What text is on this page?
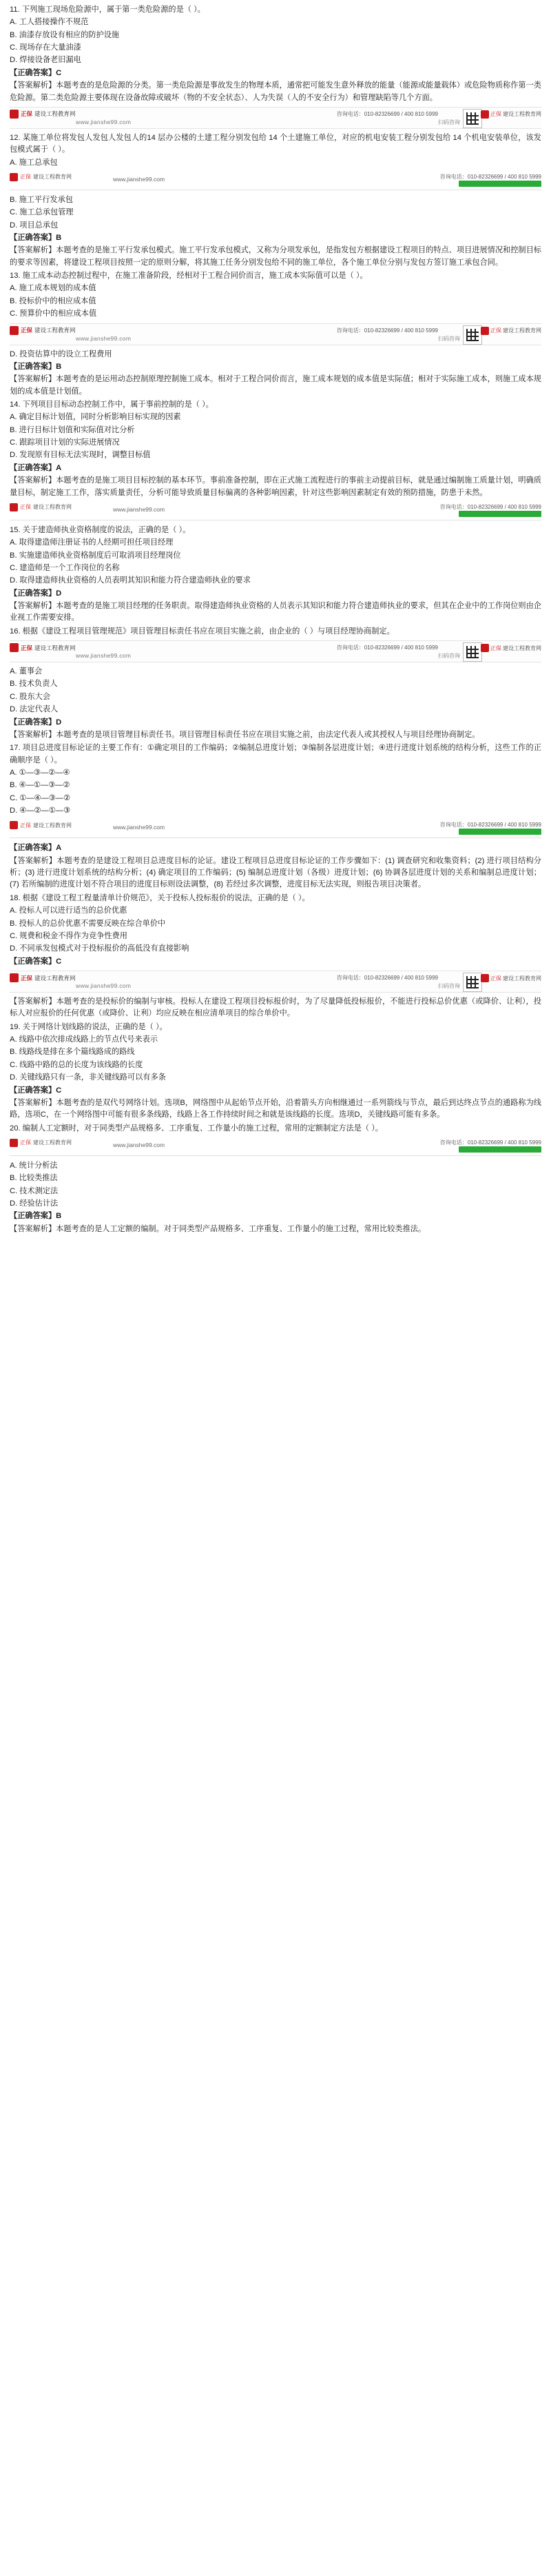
11. 下列施工现场危险源中，属于第一类危险源的是（ ）。

A. 工人搭接操作不规范

B. 油漆存放设有相应的防护设施

C. 现场存在大量油漆

D. 焊接设备老旧漏电

【正确答案】C

【答案解析】本题考查的是危险源的分类。第一类危险源是事故发生的物理本质，通常把可能发生意外释放的能量（能源或能量载体）或危险物质称作第一类危险源。第二类危险源主要体现在设备故障或破坏（物的不安全状态）、人为失误（人的不安全行为）和管理缺陷等几个方面。

正保 建设工程教育网
www.jianshe99.com
咨询电话：010-82326699 / 400 810 5999
扫码咨询
正保 建设工程教育网

12. 某施工单位将发包人发包人发包人的14 层办公楼的土建工程分别发包给 14 个土建施工单位，对应的机电安装工程分别发包给 14 个机电安装单位，该发包模式属于（ ）。

A. 施工总承包

正保 建设工程教育网	www.jianshe99.com	咨询电话：010-82326699 / 400 810 5999

B. 施工平行发承包

C. 施工总承包管理

D. 项目总承包

【正确答案】B

【答案解析】本题考查的是施工平行发承包模式。施工平行发承包模式，又称为分项发承包，是指发包方根据建设工程项目的特点、项目进展情况和控制目标的要求等因素，将建设工程项目按照一定的原则分解，将其施工任务分别发包给不同的施工单位，各个施工单位分别与发包方签订施工承包合同。

13. 施工成本动态控制过程中，在施工准备阶段，经相对于工程合同价而言，施工成本实际值可以是（ ）。

A. 施工成本规划的成本值

B. 投标价中的相应成本值

C. 预算价中的相应成本值

正保 建设工程教育网
www.jianshe99.com
咨询电话：010-82326699 / 400 810 5999
扫码咨询
正保 建设工程教育网

D. 投资估算中的设立工程费用

【正确答案】B

【答案解析】本题考查的是运用动态控制原理控制施工成本。相对于工程合同价而言，施工成本规划的成本值是实际值；相对于实际施工成本，则施工成本规划的成本值是计划值。

14. 下列项目目标动态控制工作中，属于事前控制的是（ ）。

A. 确定目标计划值，同时分析影响目标实现的因素

B. 进行目标计划值和实际值对比分析

C. 跟踪项目计划的实际进展情况

D. 发现原有目标无法实现时，调整目标值

【正确答案】A

【答案解析】本题考查的是施工项目目标控制的基本环节。事前准备控制，即在正式施工流程进行的事前主动提前目标，就是通过编制施工质量计划，明确质量目标，制定施工工作，落实质量责任，分析可能导致质量目标偏离的各种影响因素，针对这些影响因素制定有效的预防措施，防患于未然。

正保 建设工程教育网	www.jianshe99.com	咨询电话：010-82326699 / 400 810 5999

15. 关于建造师执业资格制度的说法，正确的是（ ）。

A. 取得建造师注册证书的人经期可担任项目经理

B. 实施建造师执业资格制度后可取消项目经理岗位

C. 建造师是一个工作岗位的名称

D. 取得建造师执业资格的人员表明其知识和能力符合建造师执业的要求

【正确答案】D

【答案解析】本题考查的是施工项目经理的任务职责。取得建造师执业资格的人员表示其知识和能力符合建造师执业的要求，但其在企业中的工作岗位则由企业视工作需要安排。

16. 根据《建设工程项目管理规范》项目管理目标责任书应在项目实施之前，由企业的（ ）与项目经理协商制定。

正保 建设工程教育网
www.jianshe99.com
咨询电话：010-82326699 / 400 810 5999
扫码咨询
正保 建设工程教育网

A. 董事会

B. 技术负责人

C. 股东大会

D. 法定代表人

【正确答案】D

【答案解析】本题考查的是项目管理目标责任书。项目管理目标责任书应在项目实施之前，由法定代表人或其授权人与项目经理协商制定。

17. 项目总进度目标论证的主要工作有：①确定项目的工作编码；②编制总进度计划；③编制各层进度计划；④进行进度计划系统的结构分析，这些工作的正确顺序是（ ）。

A. ①—③—②—④

B. ④—①—③—②

C. ①—④—③—②

D. ④—②—①—③

正保 建设工程教育网	www.jianshe99.com	咨询电话：010-82326699 / 400 810 5999

【正确答案】A

【答案解析】本题考查的是建设工程项目总进度目标的论证。建设工程项目总进度目标论证的工作步骤如下：(1) 调查研究和收集资料；(2) 进行项目结构分析；(3) 进行进度计划系统的结构分析；(4) 确定项目的工作编码；(5) 编制总进度计划（各级）进度计划；(6) 协调各层进度计划的关系和编制总进度计划；(7) 若所编制的进度计划不符合项目的进度目标则设法调整，(8) 若经过多次调整，进度目标无法实现，则报告项目决策者。

18. 根据《建设工程工程量清单计价规范》，关于投标人投标报价的说法，正确的是（ ）。

A. 投标人可以进行适当的总价优惠

B. 投标人的总价优惠不需要反映在综合单价中

C. 规费和税金不得作为竞争性费用

D. 不同承发包模式对于投标报价的高低没有直接影响

【正确答案】C

正保 建设工程教育网
www.jianshe99.com
咨询电话：010-82326699 / 400 810 5999
扫码咨询
正保 建设工程教育网

【答案解析】本题考查的是投标价的编制与审核。投标人在建设工程项目投标报价时，为了尽量降低投标报价，不能进行投标总价优惠（或降价、让利），投标人对应报价的任何优惠（或降价、让利）均应反映在相应清单项目的综合单价中。

19. 关于网络计划线路的说法，正确的是（ ）。

A. 线路中依次排成线路上的节点代号来表示

B. 线路线是排在多个篇线路成的路线

C. 线路中路的总的长度为该线路的长度

D. 关键线路只有一条，非关键线路可以有多条

【正确答案】C

【答案解析】本题考查的是双代号网络计划。选项B，网络图中从起始节点开始，沿着箭头方向相继通过一系列箭线与节点，最后到达终点节点的通路称为线路，选项C，在一个网络图中可能有很多条线路，线路上各工作持续时间之和就是该线路的长度。选项D，关键线路可能有多条。

20. 编制人工定额时，对于同类型产品规格多、工序重复、工作量小的施工过程，常用的定额制定方法是（ ）。

正保 建设工程教育网	www.jianshe99.com	咨询电话：010-82326699 / 400 810 5999

A. 统计分析法

B. 比较类推法

C. 技术测定法

D. 经验估计法

【正确答案】B

【答案解析】本题考查的是人工定额的编制。对于同类型产品规格多、工序重复、工作量小的施工过程，常用比较类推法。
